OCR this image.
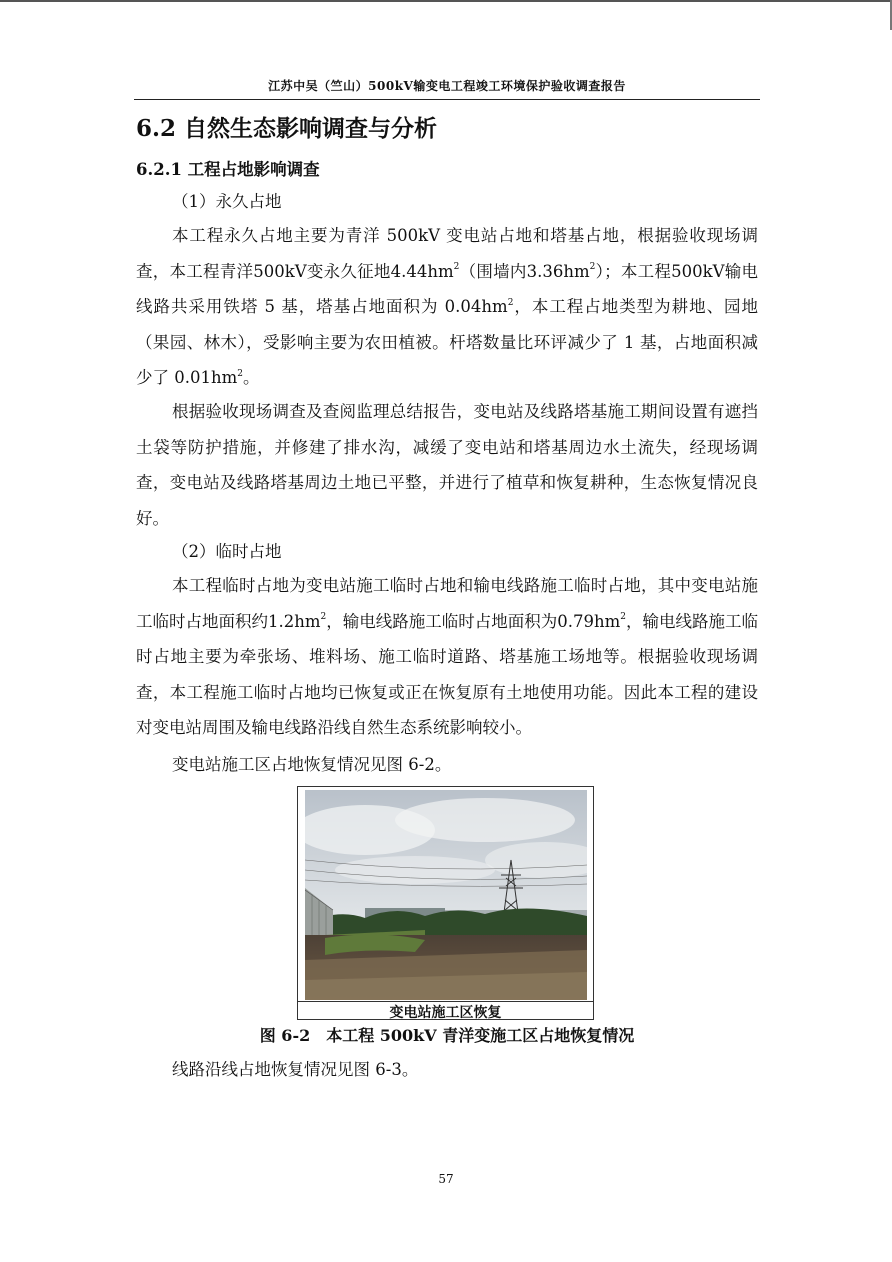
江苏中吴（竺山）500kV输变电工程竣工环境保护验收调查报告
6.2 自然生态影响调查与分析
6.2.1 工程占地影响调查
（1）永久占地

本工程永久占地主要为青洋 500kV 变电站占地和塔基占地，根据验收现场调查，本工程青洋500kV变永久征地$4.44hm^2$（围墙内$3.36hm^2$）；本工程500kV输电线路共采用铁塔 5 基，塔基占地面积为 $0.04hm^2$，本工程占地类型为耕地、园地（果园、林木），受影响主要为农田植被。杆塔数量比环评减少了 1 基，占地面积减少了 $0.01hm^2$。

根据验收现场调查及查阅监理总结报告，变电站及线路塔基施工期间设置有遮挡土袋等防护措施，并修建了排水沟，减缓了变电站和塔基周边水土流失，经现场调查，变电站及线路塔基周边土地已平整，并进行了植草和恢复耕种，生态恢复情况良好。

（2）临时占地

本工程临时占地为变电站施工临时占地和输电线路施工临时占地，其中变电站施工临时占地面积约$1.2hm^2$，输电线路施工临时占地面积为$0.79hm^2$，输电线路施工临时占地主要为牵张场、堆料场、施工临时道路、塔基施工场地等。根据验收现场调查，本工程施工临时占地均已恢复或正在恢复原有土地使用功能。因此本工程的建设对变电站周围及输电线路沿线自然生态系统影响较小。

变电站施工区占地恢复情况见图 6-2。
变电站施工区恢复
图 6-2　本工程 500kV 青洋变施工区占地恢复情况
线路沿线占地恢复情况见图 6-3。
57
